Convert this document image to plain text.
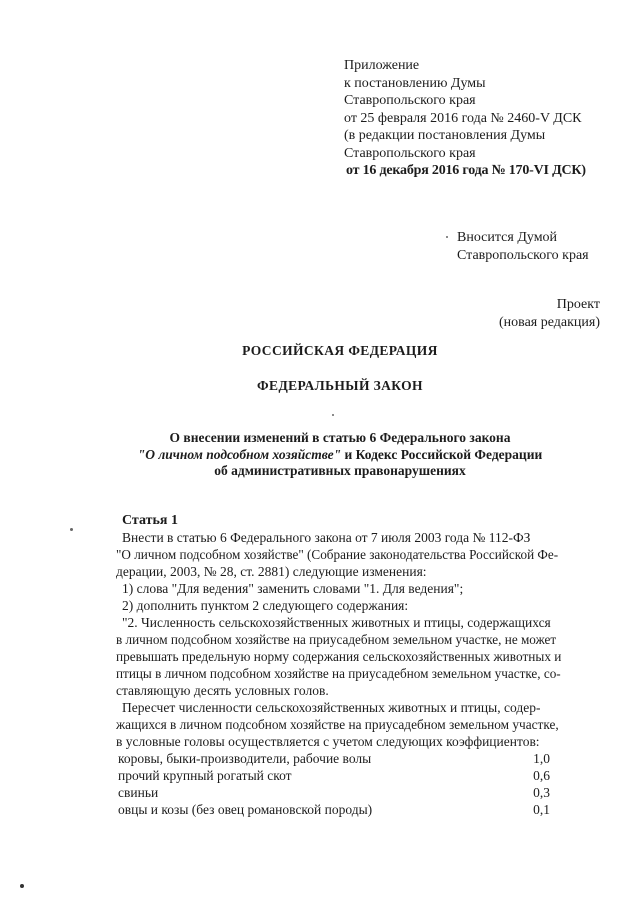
Приложение
к постановлению Думы
Ставропольского края
от 25 февраля 2016 года № 2460-V ДСК
(в редакции постановления Думы
Ставропольского края
от 16 декабря 2016 года № 170-VI ДСК)
Вносится Думой
Ставропольского края
Проект
(новая редакция)
РОССИЙСКАЯ ФЕДЕРАЦИЯ
ФЕДЕРАЛЬНЫЙ ЗАКОН
О внесении изменений в статью 6 Федерального закона
"О личном подсобном хозяйстве" и Кодекс Российской Федерации
об административных правонарушениях
Статья 1
Внести в статью 6 Федерального закона от 7 июля 2003 года № 112-ФЗ
"О личном подсобном хозяйстве" (Собрание законодательства Российской Фе-
дерации, 2003, № 28, ст. 2881) следующие изменения:
1) слова "Для ведения" заменить словами "1. Для ведения";
2) дополнить пунктом 2 следующего содержания:
"2. Численность сельскохозяйственных животных и птицы, содержащихся
в личном подсобном хозяйстве на приусадебном земельном участке, не может
превышать предельную норму содержания сельскохозяйственных животных и
птицы в личном подсобном хозяйстве на приусадебном земельном участке, со-
ставляющую десять условных голов.
Пересчет численности сельскохозяйственных животных и птицы, содер-
жащихся в личном подсобном хозяйстве на приусадебном земельном участке,
в условные головы осуществляется с учетом следующих коэффициентов:
коровы, быки-производители, рабочие волы	1,0
прочий крупный рогатый скот	0,6
свиньи	0,3
овцы и козы (без овец романовской породы)	0,1
